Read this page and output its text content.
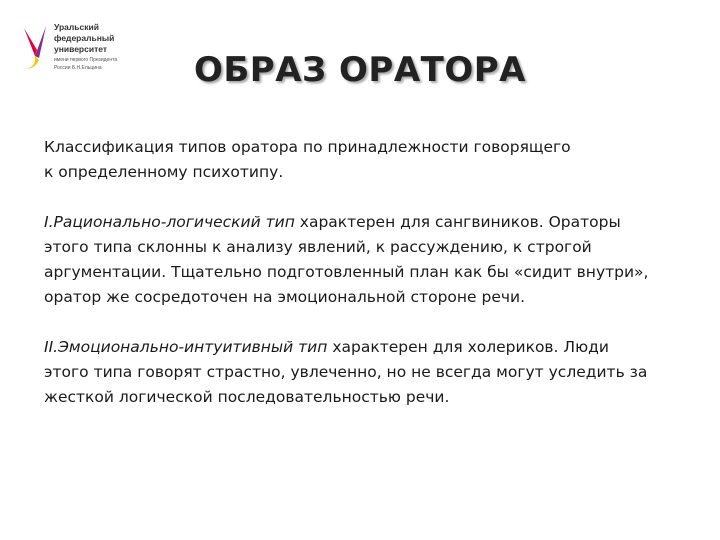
Уральский
федеральный
университет
имени первого Президента
России Б.Н.Ельцина	ОБРАЗ ОРАТОРА

Классификация типов оратора по принадлежности говорящего
к определенному психотипу.

I.Рационально-логический тип характерен для сангвиников. Ораторы
этого типа склонны к анализу явлений, к рассуждению, к строгой
аргументации. Тщательно подготовленный план как бы «сидит внутри»,
оратор же сосредоточен на эмоциональной стороне речи.

II.Эмоционально-интуитивный тип характерен для холериков. Люди
этого типа говорят страстно, увлеченно, но не всегда могут уследить за
жесткой логической последовательностью речи.
